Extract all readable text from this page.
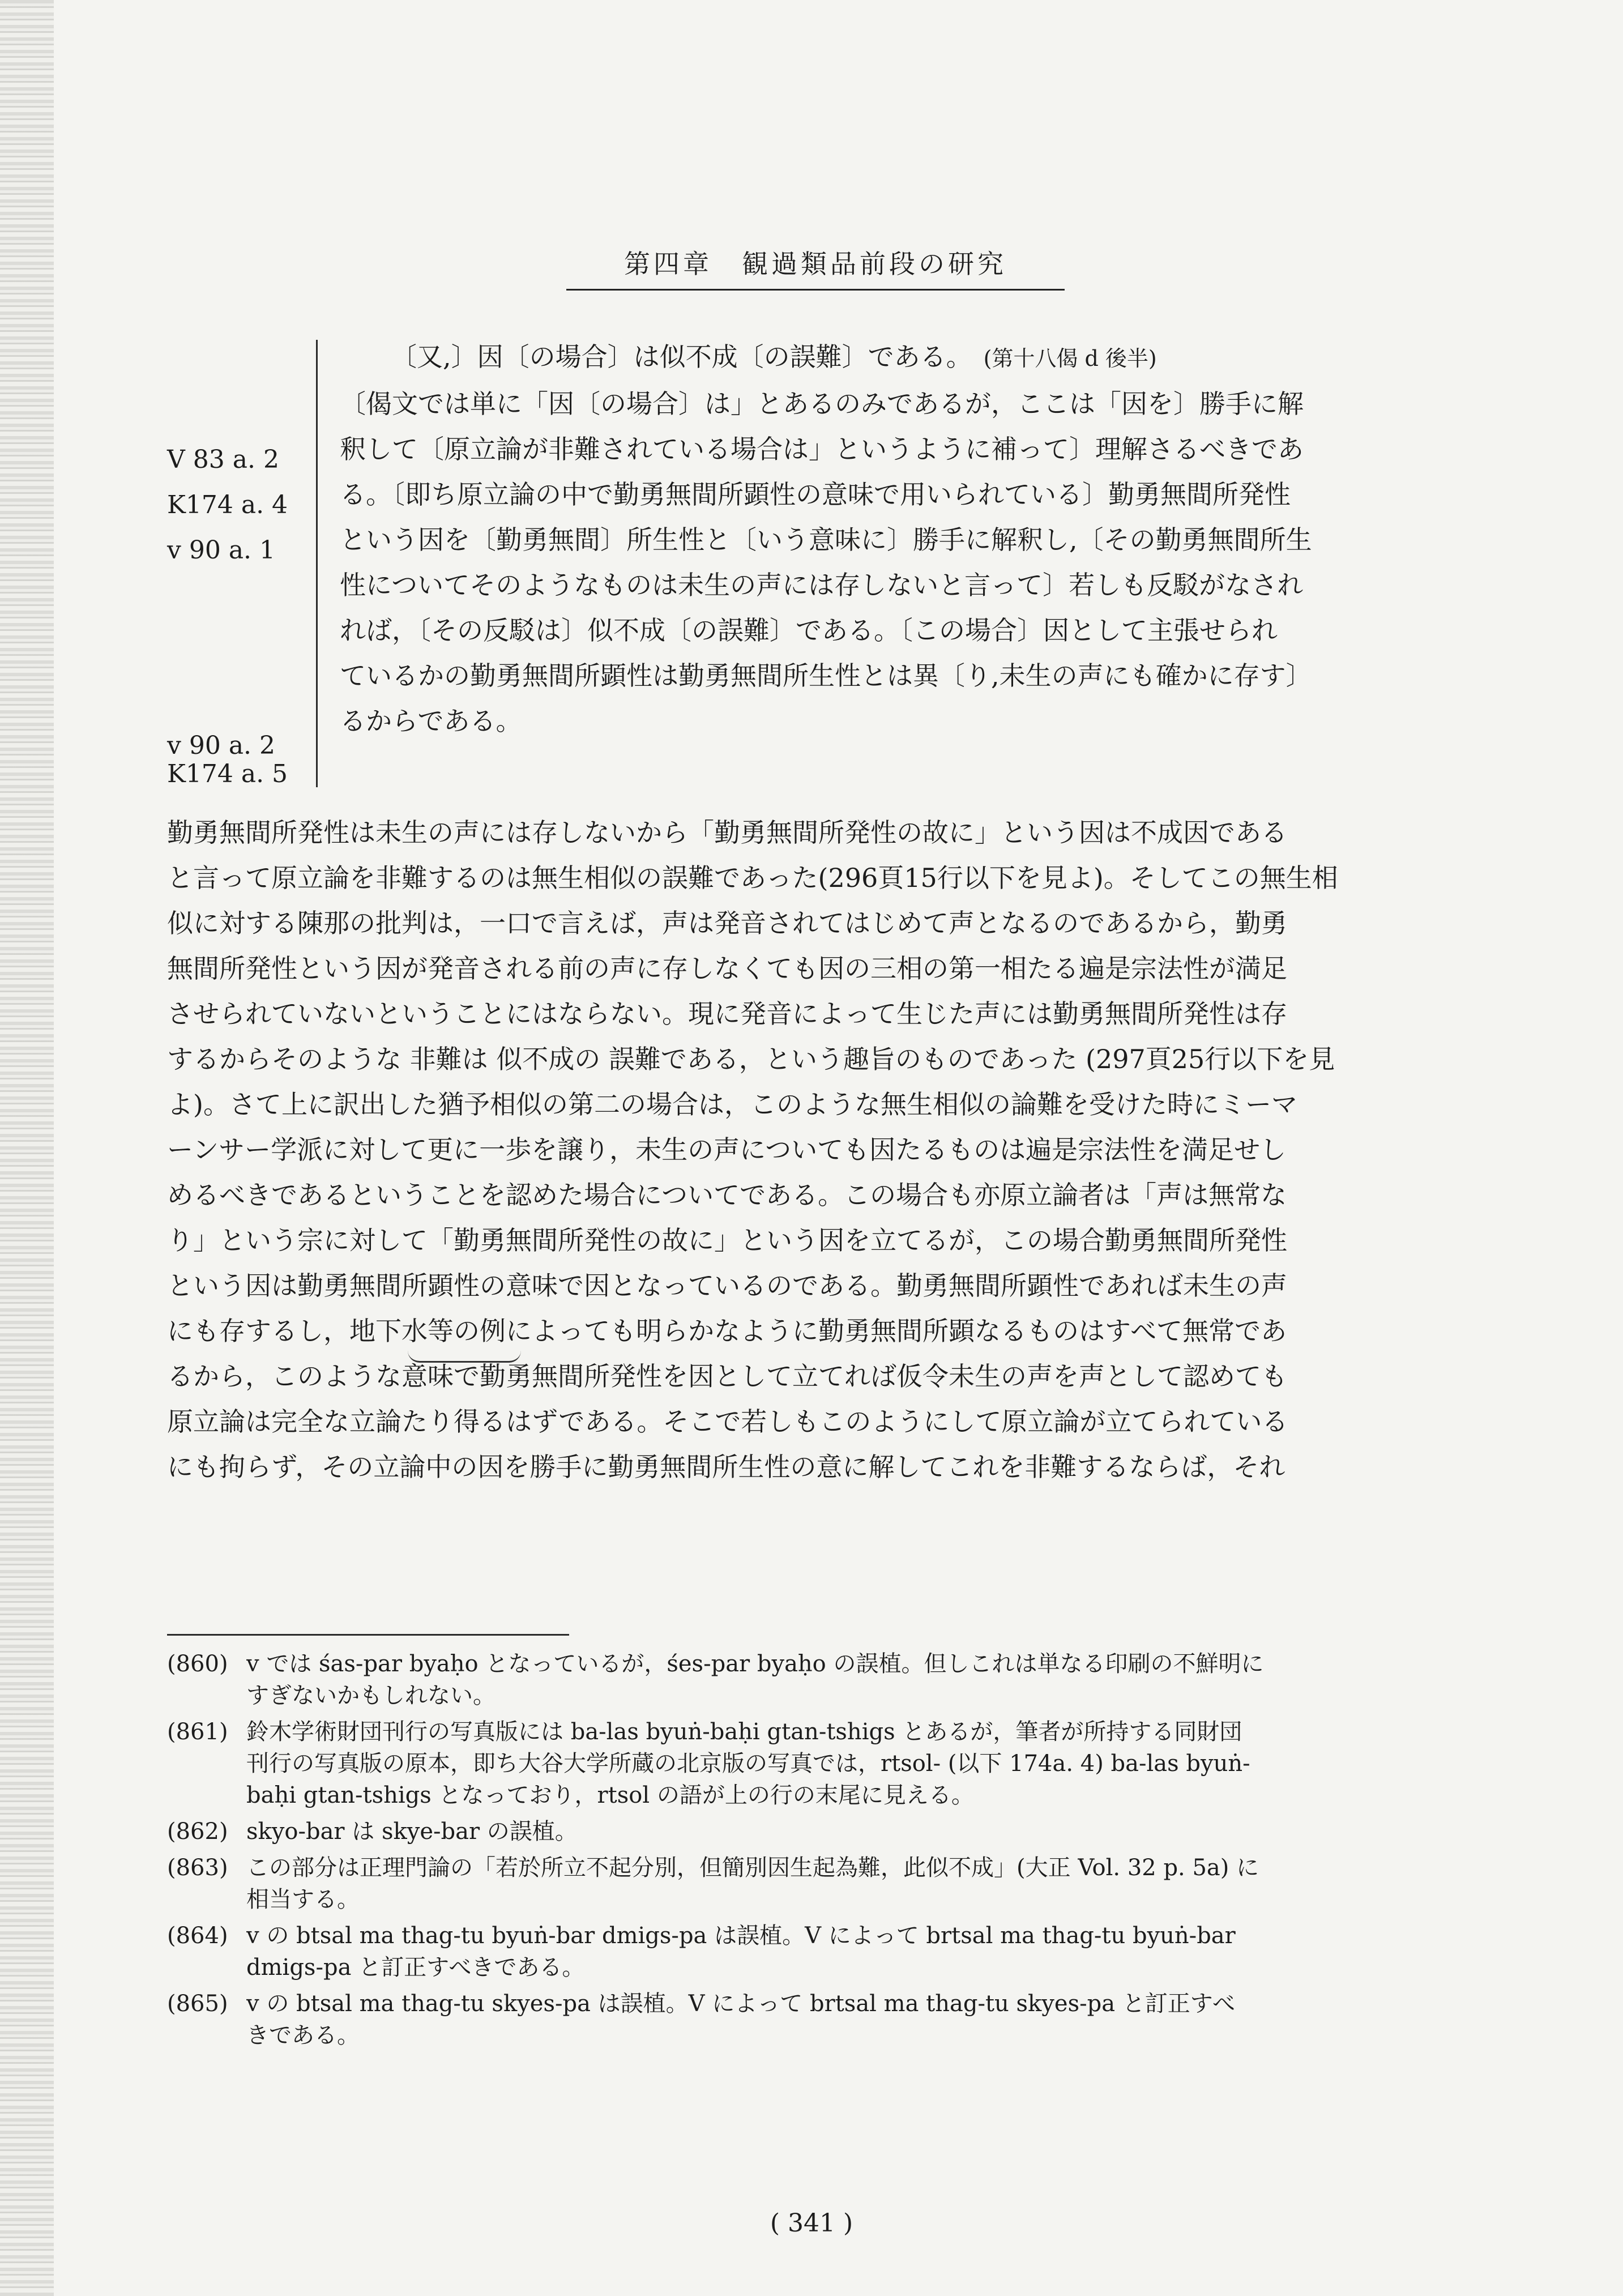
第四章　観過類品前段の研究
V 83 a. 2
K174 a. 4
v 90 a. 1
v 90 a. 2
K174 a. 5
〔又,〕因〔の場合〕は似不成〔の誤難〕である。 (第十八偈 d 後半)
〔偈文では単に「因〔の場合〕は」とあるのみであるが，ここは「因を〕勝手に解
釈して〔原立論が非難されている場合は」というように補って〕理解さるべきであ
る。〔即ち原立論の中で勤勇無間所顕性の意味で用いられている〕勤勇無間所発性
という因を〔勤勇無間〕所生性と〔いう意味に〕勝手に解釈し,〔その勤勇無間所生
性についてそのようなものは未生の声には存しないと言って〕若しも反駁がなされ
れば，〔その反駁は〕似不成〔の誤難〕である。〔この場合〕因として主張せられ
ているかの勤勇無間所顕性は勤勇無間所生性とは異〔り,未生の声にも確かに存す〕
るからである。
勤勇無間所発性は未生の声には存しないから「勤勇無間所発性の故に」という因は不成因である
と言って原立論を非難するのは無生相似の誤難であった(296頁15行以下を見よ)。そしてこの無生相
似に対する陳那の批判は，一口で言えば，声は発音されてはじめて声となるのであるから，勤勇
無間所発性という因が発音される前の声に存しなくても因の三相の第一相たる遍是宗法性が満足
させられていないということにはならない。現に発音によって生じた声には勤勇無間所発性は存
するからそのような 非難は 似不成の 誤難である，という趣旨のものであった (297頁25行以下を見
よ)。さて上に訳出した猶予相似の第二の場合は，このような無生相似の論難を受けた時にミーマ
ーンサー学派に対して更に一歩を譲り，未生の声についても因たるものは遍是宗法性を満足せし
めるべきであるということを認めた場合についてである。この場合も亦原立論者は「声は無常な
り」という宗に対して「勤勇無間所発性の故に」という因を立てるが，この場合勤勇無間所発性
という因は勤勇無間所顕性の意味で因となっているのである。勤勇無間所顕性であれば未生の声
にも存するし，地下水等の例によっても明らかなように勤勇無間所顕なるものはすべて無常であ
るから，このような意味で勤勇無間所発性を因として立てれば仮令未生の声を声として認めても
原立論は完全な立論たり得るはずである。そこで若しもこのようにして原立論が立てられている
にも拘らず，その立論中の因を勝手に勤勇無間所生性の意に解してこれを非難するならば，それ
(860) v では śas-par byaḥo となっているが，śes-par byaḥo の誤植。但しこれは単なる印刷の不鮮明に
すぎないかもしれない。
(861) 鈴木学術財団刊行の写真版には ba-las byuṅ-baḥi gtan-tshigs とあるが，筆者が所持する同財団
刊行の写真版の原本，即ち大谷大学所蔵の北京版の写真では，rtsol- (以下 174a. 4) ba-las byuṅ-
baḥi gtan-tshigs となっており，rtsol の語が上の行の末尾に見える。
(862) skyo-bar は skye-bar の誤植。
(863) この部分は正理門論の「若於所立不起分別，但簡別因生起為難，此似不成」(大正 Vol. 32 p. 5a) に
相当する。
(864) v の btsal ma thag-tu byuṅ-bar dmigs-pa は誤植。V によって brtsal ma thag-tu byuṅ-bar
dmigs-pa と訂正すべきである。
(865) v の btsal ma thag-tu skyes-pa は誤植。V によって brtsal ma thag-tu skyes-pa と訂正すべ
きである。
( 341 )
